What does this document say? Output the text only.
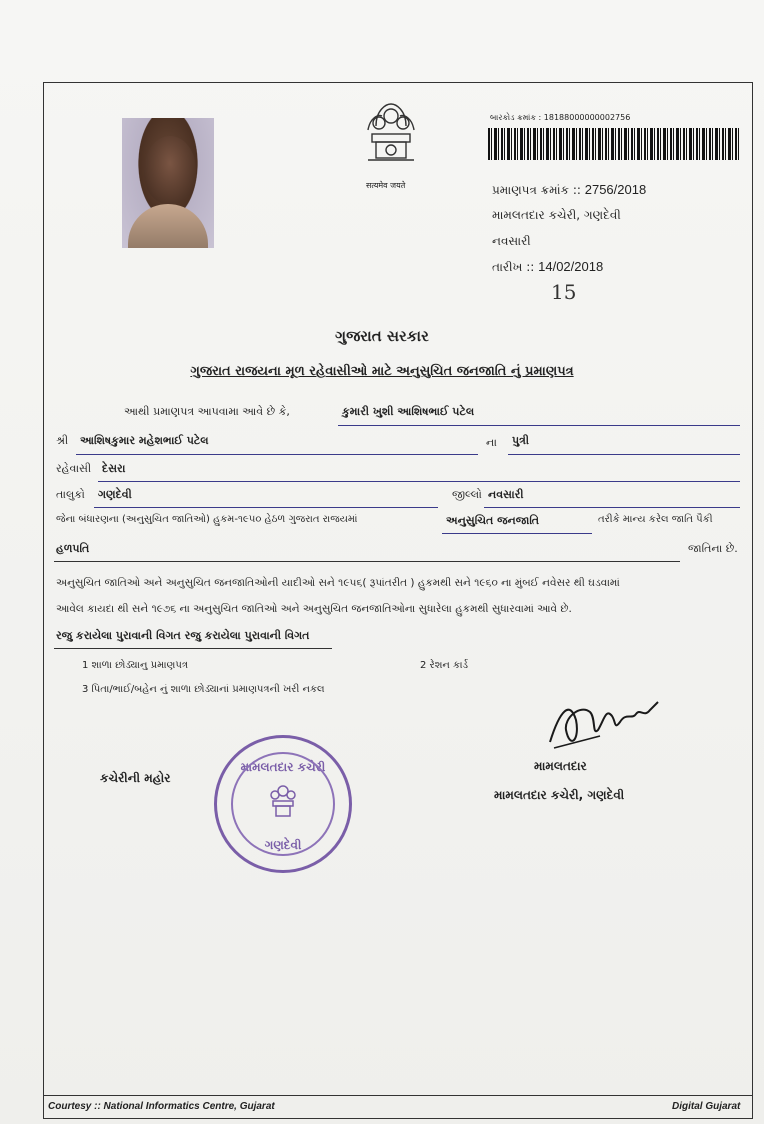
सत्यमेव जयते
બારકોડ ક્રમાંક : 18188000000002756
પ્રમાણપત્ર ક્રમાંક :: 2756/2018
મામલતદાર કચેરી, ગણદેવી
નવસારી
તારીખ :: 14/02/2018
15
ગુજરાત સરકાર
ગુજરાત રાજયના મૂળ રહેવાસીઓ માટે અનુસુચિત જનજાતિ નું પ્રમાણપત્ર
આથી પ્રમાણપત્ર આપવામા આવે છે કે,	કુમારી ખુશી આશિષભાઈ પટેલ
શ્રી આશિષકુમાર મહેશભાઈ પટેલ	ના પુત્રી
રહેવાસી દેસરા
તાલુકો ગણદેવી	જીલ્લો નવસારી
જેના બંધારણના (અનુસુચિત જાતિઓ) હુકમ-૧૯૫૦ હેઠળ ગુજરાત રાજયમાં	અનુસુચિત જનજાતિ	તરીકે માન્ય કરેલ જાતિ પૈકી
હળપતિ	જાતિના છે.
અનુસુચિત જાતિઓ અને અનુસુચિત જનજાતિઓની યાદીઓ સને ૧૯૫૬( રૂપાંતરીત ) હુકમથી સને ૧૯૬૦ ના મુંબઈ નવેસર થી ઘડવામાં
આવેલ કાયદા થી સને ૧૯૭૬ ના અનુસુચિત જાતિઓ અને અનુસુચિત જનજાતિઓના સુધારેલા હુકમથી સુધારવામાં આવે છે.
રજુ કરાયેલા પુરાવાની વિગત રજુ કરાયેલા પુરાવાની વિગત
1 શાળા છોડ્યાનુ પ્રમાણપત્ર	2 રેશન કાર્ડ
3 પિતા/ભાઈ/બહેન નું શાળા છોડ્યાનાં પ્રમાણપત્રની ખરી નકલ
કચેરીની મહોર
મામલતદાર કચેરી
ગણદેવી
મામલતદાર
મામલતદાર કચેરી, ગણદેવી
Courtesy :: National Informatics Centre, Gujarat	Digital Gujarat
